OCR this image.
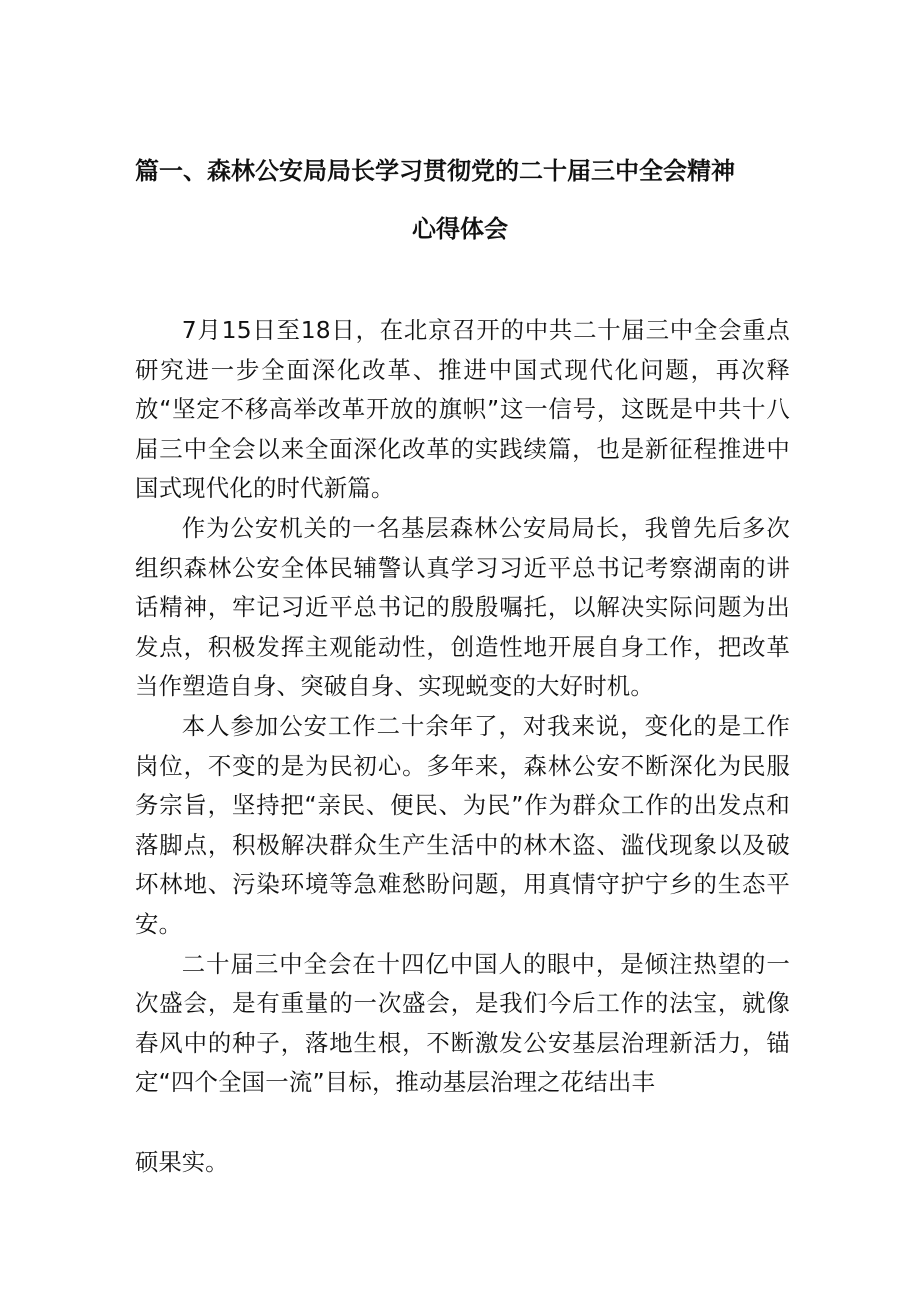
篇一、森林公安局局长学习贯彻党的二十届三中全会精神
心得体会

7月15日至18日，在北京召开的中共二十届三中全会重点研究进一步全面深化改革、推进中国式现代化问题，再次释放“坚定不移高举改革开放的旗帜”这一信号，这既是中共十八届三中全会以来全面深化改革的实践续篇，也是新征程推进中国式现代化的时代新篇。

作为公安机关的一名基层森林公安局局长，我曾先后多次组织森林公安全体民辅警认真学习习近平总书记考察湖南的讲话精神，牢记习近平总书记的殷殷嘱托，以解决实际问题为出发点，积极发挥主观能动性，创造性地开展自身工作，把改革当作塑造自身、突破自身、实现蜕变的大好时机。

本人参加公安工作二十余年了，对我来说，变化的是工作岗位，不变的是为民初心。多年来，森林公安不断深化为民服务宗旨，坚持把“亲民、便民、为民”作为群众工作的出发点和落脚点，积极解决群众生产生活中的林木盗、滥伐现象以及破坏林地、污染环境等急难愁盼问题，用真情守护宁乡的生态平安。

二十届三中全会在十四亿中国人的眼中，是倾注热望的一次盛会，是有重量的一次盛会，是我们今后工作的法宝，就像春风中的种子，落地生根，不断激发公安基层治理新活力，锚定“四个全国一流”目标，推动基层治理之花结出丰

硕果实。
